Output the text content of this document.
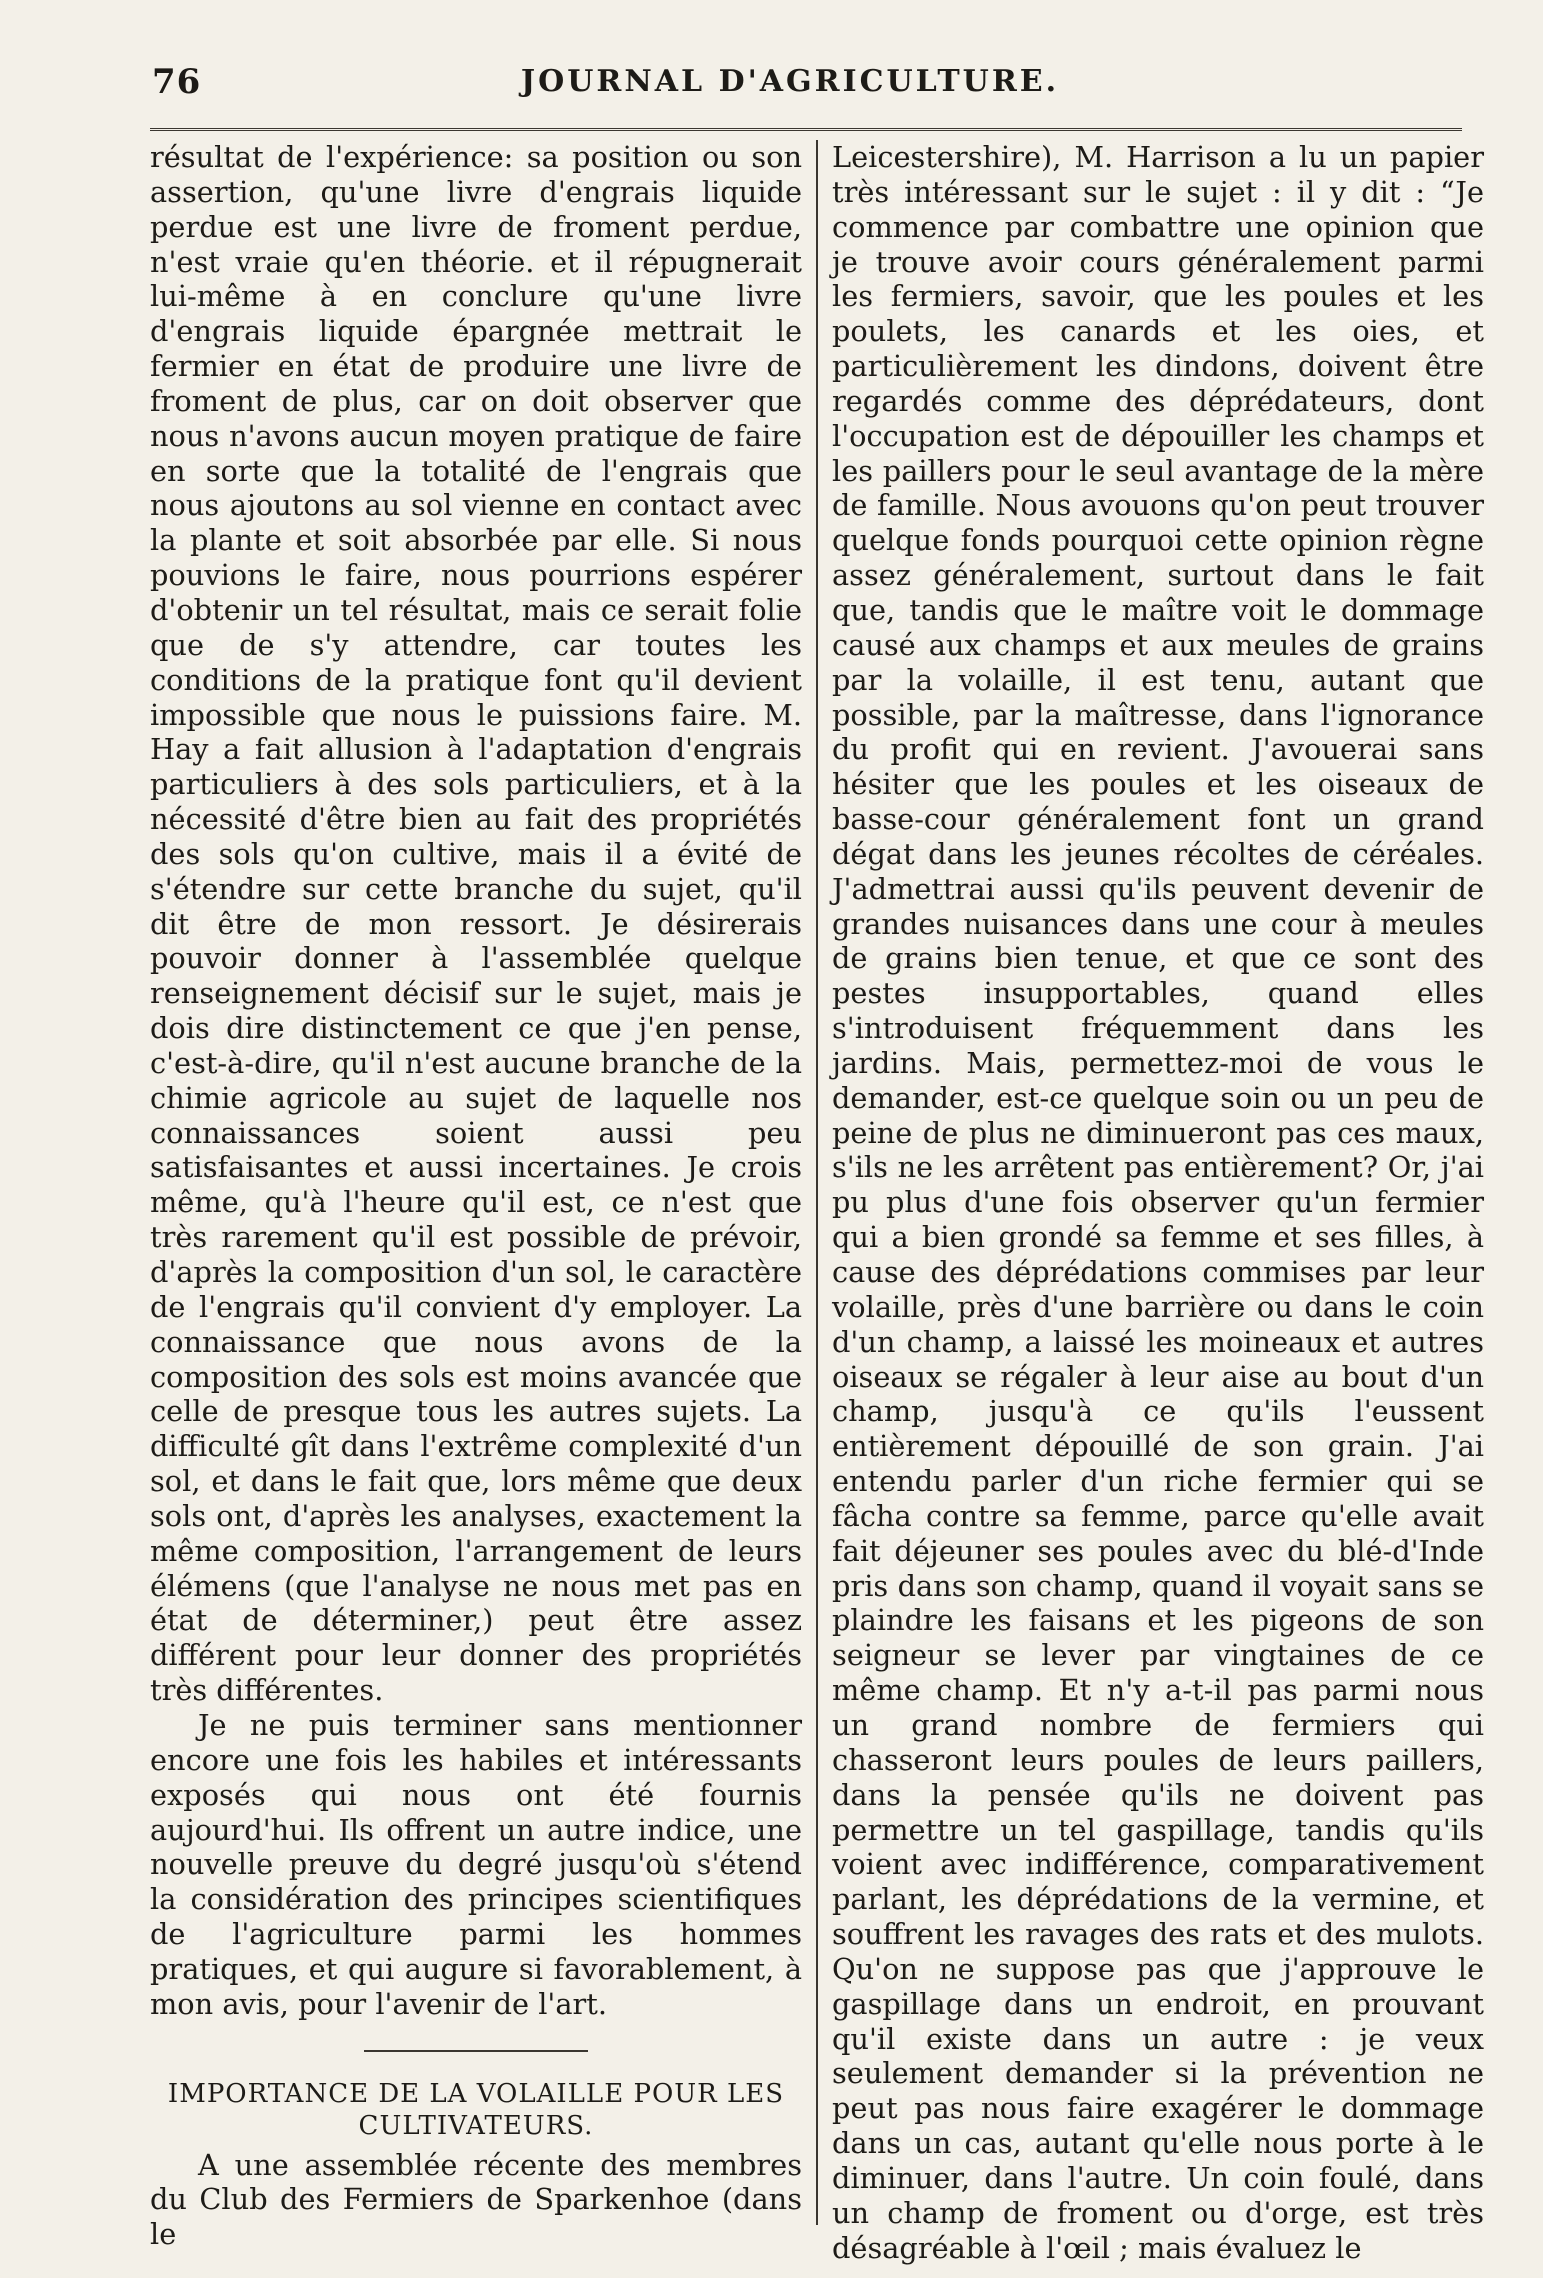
76	JOURNAL D'AGRICULTURE.

résultat de l'expérience: sa position ou son assertion, qu'une livre d'engrais liquide perdue est une livre de froment perdue, n'est vraie qu'en théorie. et il répugnerait lui-même à en conclure qu'une livre d'engrais liquide épargnée mettrait le fermier en état de produire une livre de froment de plus, car on doit observer que nous n'avons aucun moyen pratique de faire en sorte que la totalité de l'engrais que nous ajoutons au sol vienne en contact avec la plante et soit absorbée par elle. Si nous pouvions le faire, nous pourrions espérer d'obtenir un tel résultat, mais ce serait folie que de s'y attendre, car toutes les conditions de la pratique font qu'il devient impossible que nous le puissions faire. M. Hay a fait allusion à l'adaptation d'engrais particuliers à des sols particuliers, et à la nécessité d'être bien au fait des propriétés des sols qu'on cultive, mais il a évité de s'étendre sur cette branche du sujet, qu'il dit être de mon ressort. Je désirerais pouvoir donner à l'assemblée quelque renseignement décisif sur le sujet, mais je dois dire distinctement ce que j'en pense, c'est-à-dire, qu'il n'est aucune branche de la chimie agricole au sujet de laquelle nos connaissances soient aussi peu satisfaisantes et aussi incertaines. Je crois même, qu'à l'heure qu'il est, ce n'est que très rarement qu'il est possible de prévoir, d'après la composition d'un sol, le caractère de l'engrais qu'il convient d'y employer. La connaissance que nous avons de la composition des sols est moins avancée que celle de presque tous les autres sujets. La difficulté gît dans l'extrême complexité d'un sol, et dans le fait que, lors même que deux sols ont, d'après les analyses, exactement la même composition, l'arrangement de leurs élémens (que l'analyse ne nous met pas en état de déterminer,) peut être assez différent pour leur donner des propriétés très différentes.

Je ne puis terminer sans mentionner encore une fois les habiles et intéressants exposés qui nous ont été fournis aujourd'hui. Ils offrent un autre indice, une nouvelle preuve du degré jusqu'où s'étend la considération des principes scientifiques de l'agriculture parmi les hommes pratiques, et qui augure si favorablement, à mon avis, pour l'avenir de l'art.

IMPORTANCE DE LA VOLAILLE POUR LES CULTIVATEURS.

A une assemblée récente des membres du Club des Fermiers de Sparkenhoe (dans le

Leicestershire), M. Harrison a lu un papier très intéressant sur le sujet : il y dit : “Je commence par combattre une opinion que je trouve avoir cours généralement parmi les fermiers, savoir, que les poules et les poulets, les canards et les oies, et particulièrement les dindons, doivent être regardés comme des déprédateurs, dont l'occupation est de dépouiller les champs et les paillers pour le seul avantage de la mère de famille. Nous avouons qu'on peut trouver quelque fonds pourquoi cette opinion règne assez généralement, surtout dans le fait que, tandis que le maître voit le dommage causé aux champs et aux meules de grains par la volaille, il est tenu, autant que possible, par la maîtresse, dans l'ignorance du profit qui en revient. J'avouerai sans hésiter que les poules et les oiseaux de basse-cour généralement font un grand dégat dans les jeunes récoltes de céréales. J'admettrai aussi qu'ils peuvent devenir de grandes nuisances dans une cour à meules de grains bien tenue, et que ce sont des pestes insupportables, quand elles s'introduisent fréquemment dans les jardins. Mais, permettez-moi de vous le demander, est-ce quelque soin ou un peu de peine de plus ne diminueront pas ces maux, s'ils ne les arrêtent pas entièrement? Or, j'ai pu plus d'une fois observer qu'un fermier qui a bien grondé sa femme et ses filles, à cause des déprédations commises par leur volaille, près d'une barrière ou dans le coin d'un champ, a laissé les moineaux et autres oiseaux se régaler à leur aise au bout d'un champ, jusqu'à ce qu'ils l'eussent entièrement dépouillé de son grain. J'ai entendu parler d'un riche fermier qui se fâcha contre sa femme, parce qu'elle avait fait déjeuner ses poules avec du blé-d'Inde pris dans son champ, quand il voyait sans se plaindre les faisans et les pigeons de son seigneur se lever par vingtaines de ce même champ. Et n'y a-t-il pas parmi nous un grand nombre de fermiers qui chasseront leurs poules de leurs paillers, dans la pensée qu'ils ne doivent pas permettre un tel gaspillage, tandis qu'ils voient avec indifférence, comparativement parlant, les déprédations de la vermine, et souffrent les ravages des rats et des mulots. Qu'on ne suppose pas que j'approuve le gaspillage dans un endroit, en prouvant qu'il existe dans un autre : je veux seulement demander si la prévention ne peut pas nous faire exagérer le dommage dans un cas, autant qu'elle nous porte à le diminuer, dans l'autre. Un coin foulé, dans un champ de froment ou d'orge, est très désagréable à l'œil ; mais évaluez le
